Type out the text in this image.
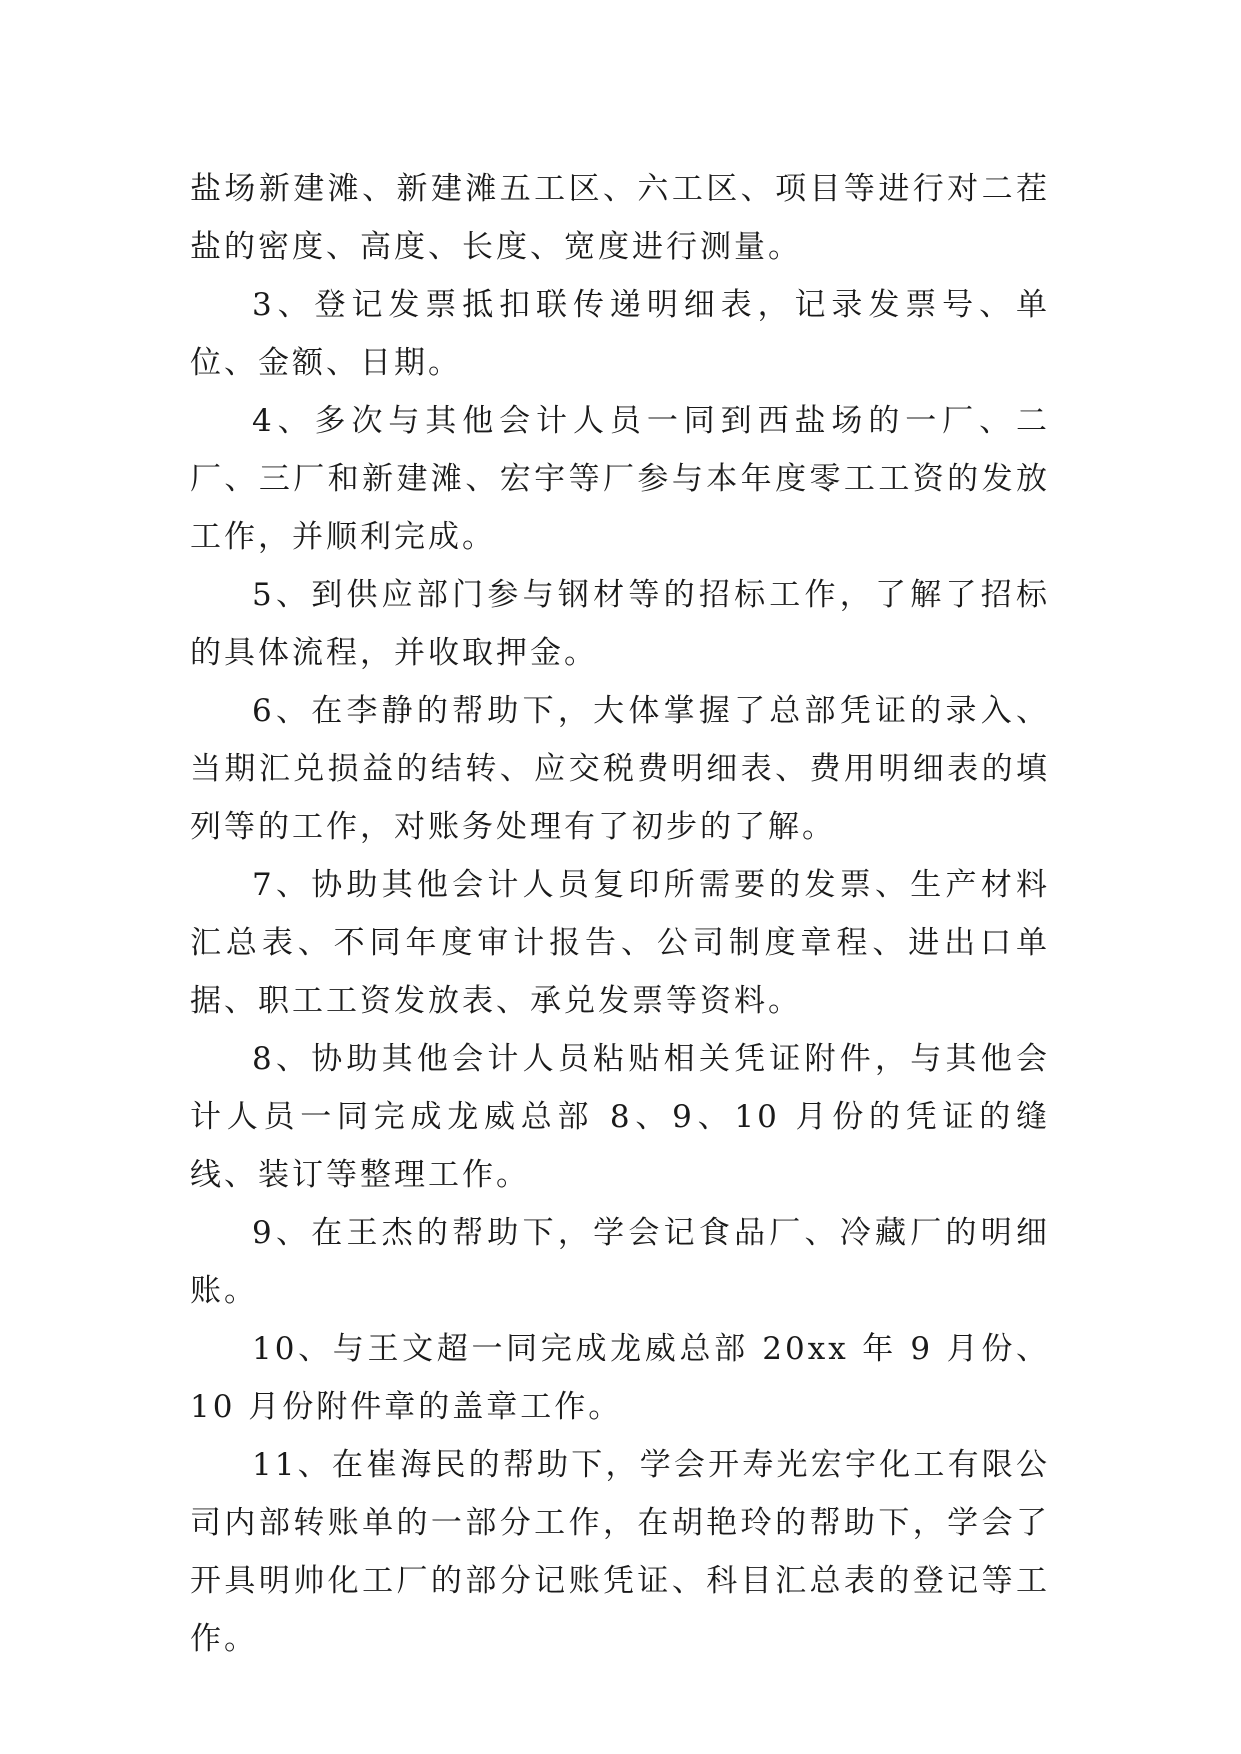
盐场新建滩、新建滩五工区、六工区、项目等进行对二茬盐的密度、高度、长度、宽度进行测量。

3、登记发票抵扣联传递明细表，记录发票号、单位、金额、日期。

4、多次与其他会计人员一同到西盐场的一厂、二厂、三厂和新建滩、宏宇等厂参与本年度零工工资的发放工作，并顺利完成。

5、到供应部门参与钢材等的招标工作，了解了招标的具体流程，并收取押金。

6、在李静的帮助下，大体掌握了总部凭证的录入、当期汇兑损益的结转、应交税费明细表、费用明细表的填列等的工作，对账务处理有了初步的了解。

7、协助其他会计人员复印所需要的发票、生产材料汇总表、不同年度审计报告、公司制度章程、进出口单据、职工工资发放表、承兑发票等资料。

8、协助其他会计人员粘贴相关凭证附件，与其他会计人员一同完成龙威总部 8、9、10 月份的凭证的缝线、装订等整理工作。

9、在王杰的帮助下，学会记食品厂、冷藏厂的明细账。

10、与王文超一同完成龙威总部 20xx 年 9 月份、10 月份附件章的盖章工作。

11、在崔海民的帮助下，学会开寿光宏宇化工有限公司内部转账单的一部分工作，在胡艳玲的帮助下，学会了开具明帅化工厂的部分记账凭证、科目汇总表的登记等工作。
